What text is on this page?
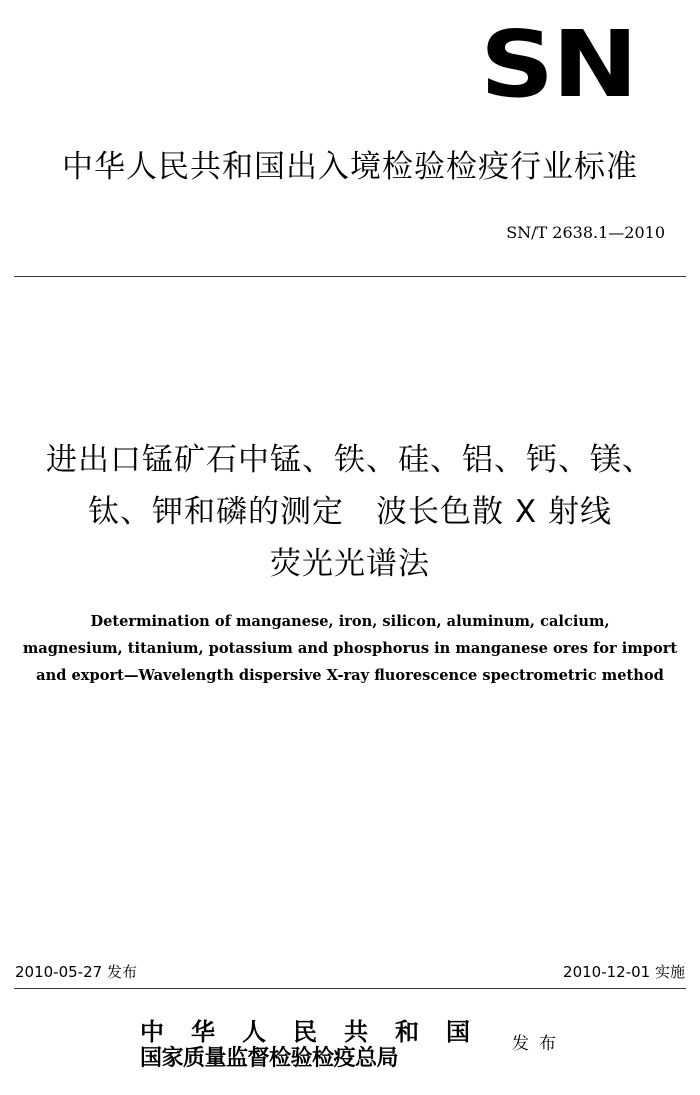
SN
中华人民共和国出入境检验检疫行业标准
SN/T 2638.1—2010
进出口锰矿石中锰、铁、硅、铝、钙、镁、
钛、钾和磷的测定　波长色散 X 射线
荧光光谱法
Determination of manganese, iron, silicon, aluminum, calcium,
magnesium, titanium, potassium and phosphorus in manganese ores for import
and export—Wavelength dispersive X-ray fluorescence spectrometric method
2010-05-27 发布	2010-12-01 实施
中华人民共和国
国家质量监督检验检疫总局
发布
